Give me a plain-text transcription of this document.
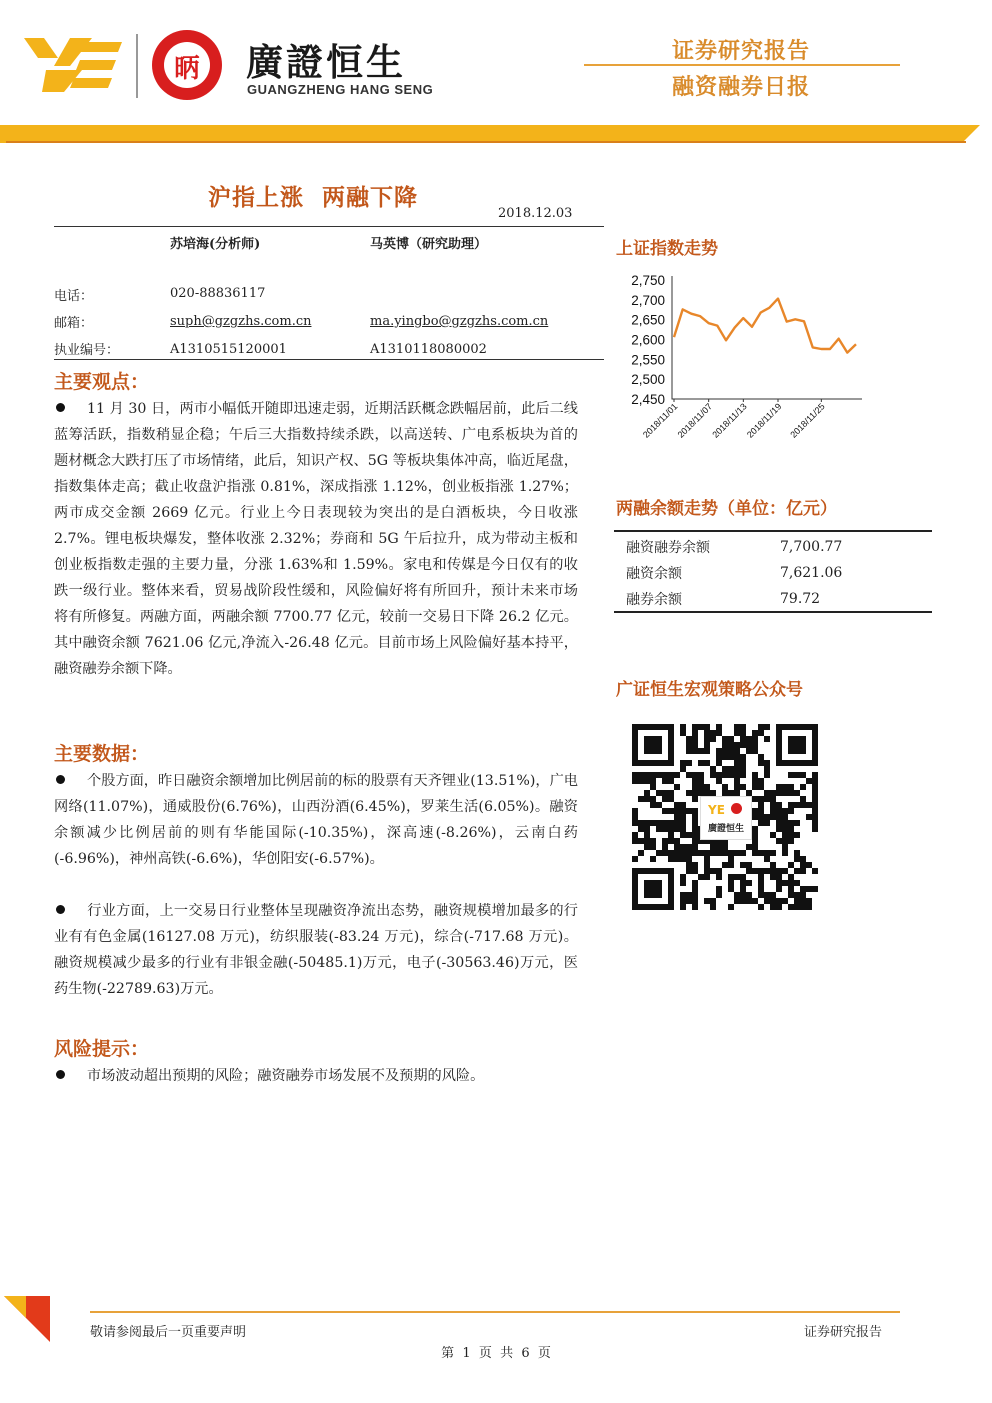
昞 廣證恒生
GUANGZHENG HANG SENG
证券研究报告
融资融券日报
沪指上涨  两融下降
2018.12.03
苏培海(分析师)	马英博（研究助理）
电话：	020-88836117
邮箱：	suph@gzgzhs.com.cn	ma.yingbo@gzgzhs.com.cn
执业编号：	A1310515120001	A1310118080002
主要观点：
11 月 30 日，两市小幅低开随即迅速走弱，近期活跃概念跌幅居前，此后二线蓝筹活跃，指数稍显企稳；午后三大指数持续杀跌，以高送转、广电系板块为首的题材概念大跌打压了市场情绪，此后，知识产权、5G 等板块集体冲高，临近尾盘，指数集体走高；截止收盘沪指涨 0.81%，深成指涨 1.12%，创业板指涨 1.27%；两市成交金额 2669 亿元。行业上今日表现较为突出的是白酒板块，今日收涨 2.7%。锂电板块爆发，整体收涨 2.32%；券商和 5G 午后拉升，成为带动主板和创业板指数走强的主要力量，分涨 1.63%和 1.59%。家电和传媒是今日仅有的收跌一级行业。整体来看，贸易战阶段性缓和，风险偏好将有所回升，预计未来市场将有所修复。两融方面，两融余额 7700.77 亿元，较前一交易日下降 26.2 亿元。其中融资余额 7621.06 亿元,净流入-26.48 亿元。目前市场上风险偏好基本持平，融资融券余额下降。
主要数据：
个股方面，昨日融资余额增加比例居前的标的股票有天齐锂业(13.51%)，广电网络(11.07%)，通威股份(6.76%)，山西汾酒(6.45%)，罗莱生活(6.05%)。融资余额减少比例居前的则有华能国际(-10.35%)，深高速(-8.26%)，云南白药(-6.96%)，神州高铁(-6.6%)，华创阳安(-6.57%)。
行业方面，上一交易日行业整体呈现融资净流出态势，融资规模增加最多的行业有有色金属(16127.08 万元)，纺织服装(-83.24 万元)，综合(-717.68 万元)。融资规模减少最多的行业有非银金融(-50485.1)万元，电子(-30563.46)万元，医药生物(-22789.63)万元。
风险提示：
市场波动超出预期的风险；融资融券市场发展不及预期的风险。
上证指数走势
2,450
2,500
2,550
2,600
2,650
2,700
2,750
2018/11/01
2018/11/07
2018/11/13
2018/11/19 2018/11/25
两融余额走势（单位：亿元）
融资融券余额	7,700.77
融资余额	7,621.06
融券余额	79.72
广证恒生宏观策略公众号
YE
廣證恒生
敬请参阅最后一页重要声明	证券研究报告
第  1  页  共  6  页
